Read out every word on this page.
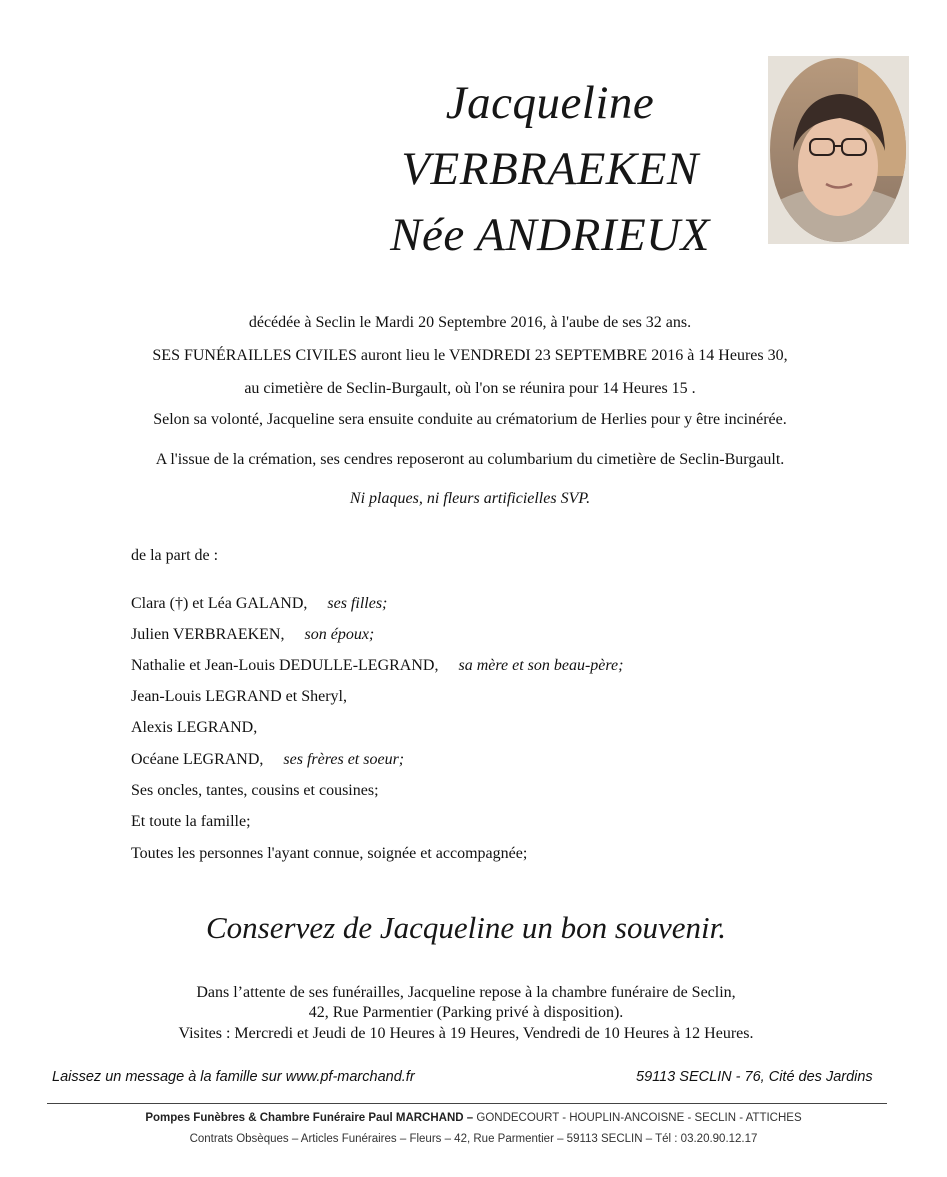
Jacqueline
VERBRAEKEN
Née ANDRIEUX
décédée à Seclin le Mardi 20 Septembre 2016, à l'aube de ses 32 ans.
SES FUNÉRAILLES CIVILES auront lieu le VENDREDI 23 SEPTEMBRE 2016 à 14 Heures 30,
au cimetière de Seclin-Burgault, où l'on se réunira pour 14 Heures 15 .
Selon sa volonté, Jacqueline sera ensuite conduite au crématorium de Herlies pour y être incinérée.
A l'issue de la crémation, ses cendres reposeront au columbarium du cimetière de Seclin-Burgault.
Ni plaques, ni fleurs artificielles SVP.
de la part de :
Clara (†) et Léa GALAND, ses filles;
Julien VERBRAEKEN, son époux;
Nathalie et Jean-Louis DEDULLE-LEGRAND, sa mère et son beau-père;
Jean-Louis LEGRAND et Sheryl,
Alexis LEGRAND,
Océane LEGRAND, ses frères et soeur;
Ses oncles, tantes, cousins et cousines;
Et toute la famille;
Toutes les personnes l'ayant connue, soignée et accompagnée;
Conservez de Jacqueline un bon souvenir.
Dans l’attente de ses funérailles, Jacqueline repose à la chambre funéraire de Seclin,
42, Rue Parmentier (Parking privé à disposition).
Visites : Mercredi et Jeudi de 10 Heures à 19 Heures, Vendredi de 10 Heures à 12 Heures.
Laissez un message à la famille sur www.pf-marchand.fr	59113 SECLIN - 76, Cité des Jardins
Pompes Funèbres & Chambre Funéraire Paul MARCHAND – GONDECOURT - HOUPLIN-ANCOISNE - SECLIN - ATTICHES
Contrats Obsèques – Articles Funéraires – Fleurs – 42, Rue Parmentier – 59113 SECLIN – Tél : 03.20.90.12.17
